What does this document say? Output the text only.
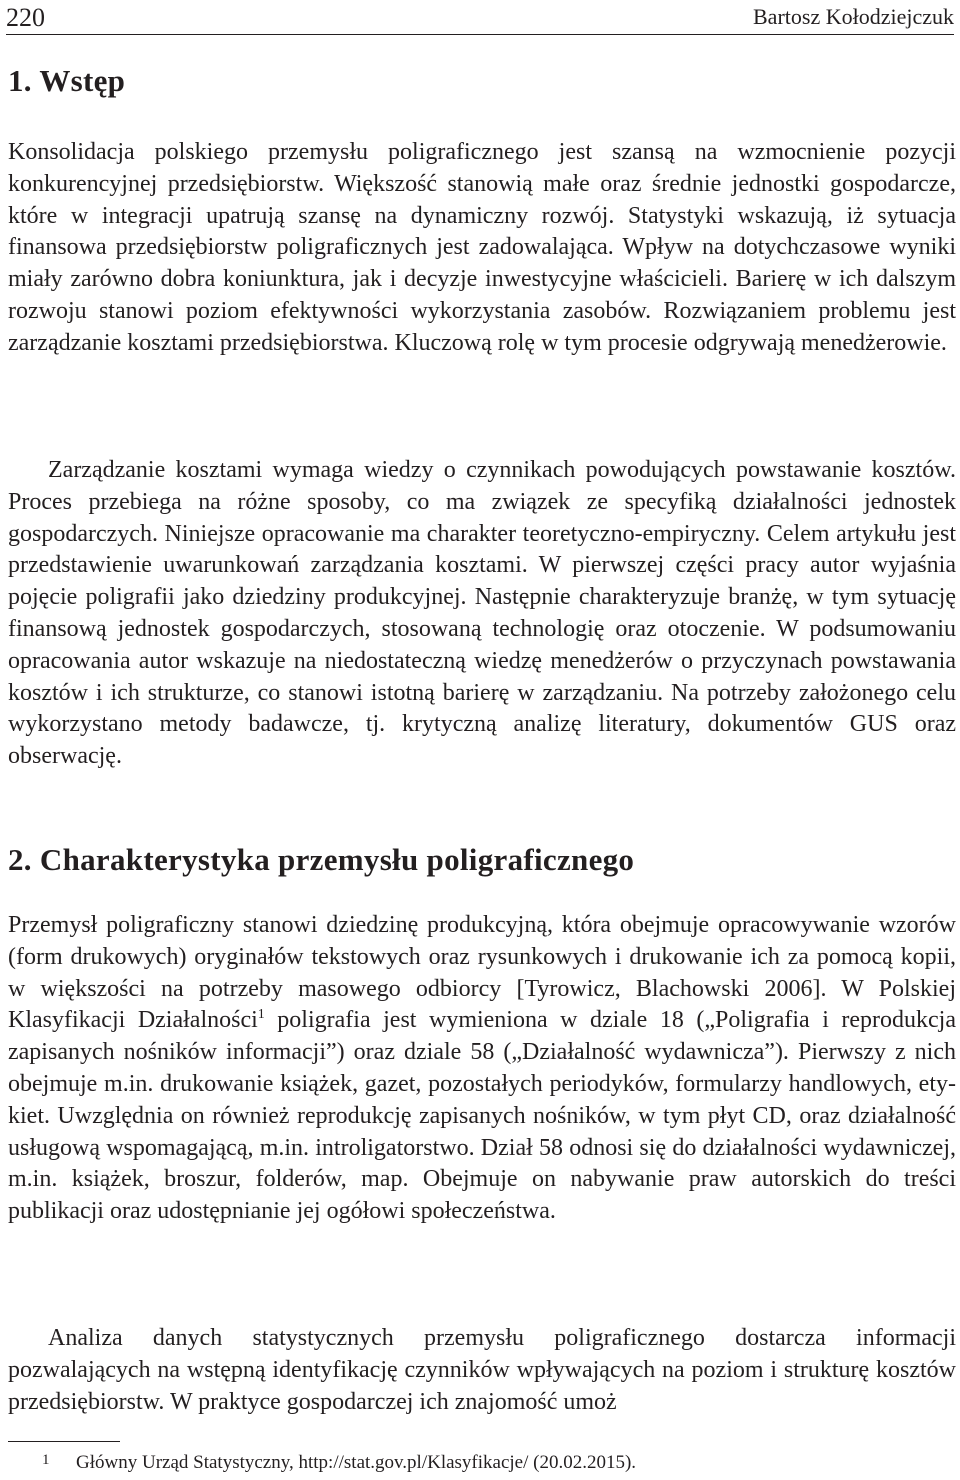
220	Bartosz Kołodziejczuk
1. Wstęp

Konsolidacja polskiego przemysłu poligraficznego jest szansą na wzmocnienie pozycji konkurencyjnej przedsiębiorstw. Większość stanowią małe oraz średnie jednostki gospodarcze, które w integracji upatrują szansę na dynamiczny rozwój. Statystyki wskazują, iż sytuacja finansowa przedsiębiorstw poligraficznych jest zadowalająca. Wpływ na dotychczasowe wyniki miały zarówno dobra koniunktura, jak i decyzje inwestycyjne właścicieli. Barierę w ich dalszym rozwoju stanowi poziom efektywności wykorzystania zasobów. Rozwiązaniem problemu jest zarządzanie kosztami przedsiębiorstwa. Kluczową rolę w tym procesie odgrywają menedżerowie.

Zarządzanie kosztami wymaga wiedzy o czynnikach powodujących powstawanie kosztów. Proces przebiega na różne sposoby, co ma związek ze specyfiką działalności jednostek gospodarczych. Niniejsze opracowanie ma charakter teoretyczno-empiryczny. Celem artykułu jest przedstawienie uwarunkowań zarządzania kosztami. W pierwszej części pracy autor wyjaśnia pojęcie poligrafii jako dziedziny produkcyjnej. Następnie charakteryzuje branżę, w tym sytuację finansową jednostek gospodarczych, stosowaną technologię oraz otoczenie. W podsumowaniu opracowania autor wskazuje na niedostateczną wiedzę menedżerów o przyczynach powstawania kosztów i ich strukturze, co stanowi istotną barierę w zarządzaniu. Na potrzeby założonego celu wykorzystano metody badawcze, tj. krytyczną analizę literatury, dokumentów GUS oraz obserwację.

2. Charakterystyka przemysłu poligraficznego

Przemysł poligraficzny stanowi dziedzinę produkcyjną, która obejmuje opracowywanie wzorów (form drukowych) oryginałów tekstowych oraz rysunkowych i drukowanie ich za pomocą kopii, w większości na potrzeby masowego odbiorcy [Tyrowicz, Blachowski 2006]. W Polskiej Klasyfikacji Działalności$^1$ poligrafia jest wymieniona w dziale 18 („Poligrafia i reprodukcja zapisanych nośników informacji”) oraz dziale 58 („Działalność wydawnicza”). Pierwszy z nich obejmuje m.in. drukowanie książek, gazet, pozostałych periodyków, formularzy handlowych, etykiet. Uwzględnia on również reprodukcję zapisanych nośników, w tym płyt CD, oraz działalność usługową wspomagającą, m.in. introligatorstwo. Dział 58 odnosi się do działalności wydawniczej, m.in. książek, broszur, folderów, map. Obejmuje on nabywanie praw autorskich do treści publikacji oraz udostępnianie jej ogółowi społeczeństwa.

Analiza danych statystycznych przemysłu poligraficznego dostarcza informacji pozwalających na wstępną identyfikację czynników wpływających na poziom i strukturę kosztów przedsiębiorstw. W praktyce gospodarczej ich znajomość umoż

1 Główny Urząd Statystyczny, http://stat.gov.pl/Klasyfikacje/ (20.02.2015).
